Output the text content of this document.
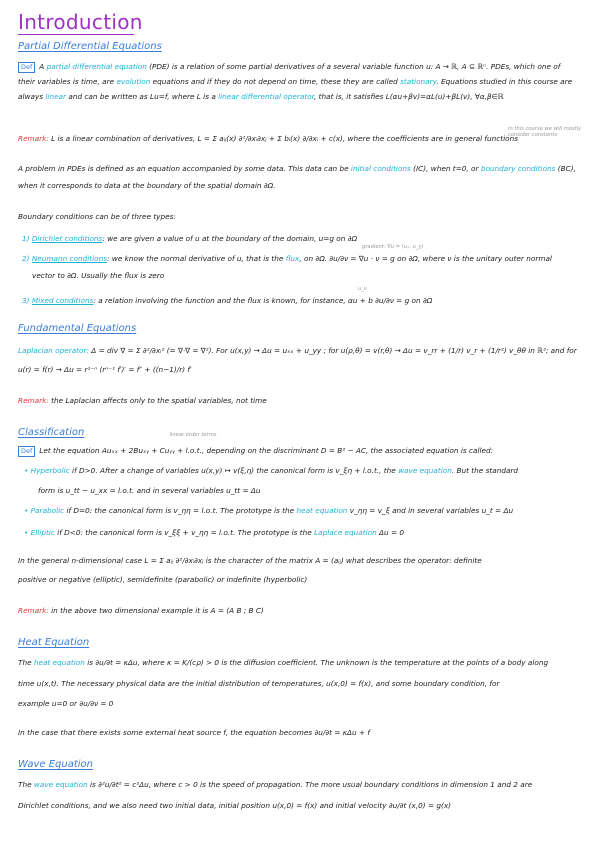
Introduction
Partial Differential Equations
Def A partial differential equation (PDE) is a relation of some partial derivatives of a several variable function u: A → ℝ, A ⊆ ℝⁿ. PDEs, which one of
their variables is time, are evolution equations and if they do not depend on time, these they are called stationary. Equations studied in this course are
always linear and can be written as Lu=f, where L is a linear differential operator, that is, it satisfies L(αu+βv)=αL(u)+βL(v), ∀α,β∈ℝ
Remark: L is a linear combination of derivatives, L = Σ aᵢⱼ(x) ∂²/∂xᵢ∂xⱼ + Σ bᵢ(x) ∂/∂xᵢ + c(x), where the coefficients are in general functions
in this course we will mostly consider constants
A problem in PDEs is defined as an equation accompanied by some data. This data can be initial conditions (IC), when t=0, or boundary conditions (BC),
when it corresponds to data at the boundary of the spatial domain ∂Ω.
Boundary conditions can be of three types:
1) Dirichlet conditions: we are given a value of u at the boundary of the domain, u=g on ∂Ω
gradient: ∇u = (uₓ, u_y)
2) Neumann conditions: we know the normal derivative of u, that is the flux, on ∂Ω. ∂u/∂ν = ∇u · ν = g on ∂Ω, where ν is the unitary outer normal
vector to ∂Ω. Usually the flux is zero
u_ν
3) Mixed conditions: a relation involving the function and the flux is known, for instance, αu + b ∂u/∂ν = g on ∂Ω
Fundamental Equations
Laplacian operator: Δ = div ∇ = Σ ∂²/∂xᵢ² (= ∇·∇ = ∇²). For u(x,y) → Δu = uₓₓ + u_yy ; for u(ρ,θ) = v(r,θ) → Δu = v_rr + (1/r) v_r + (1/r²) v_θθ in ℝ²; and for
u(r) = f(r) → Δu = r¹⁻ⁿ (rⁿ⁻¹ f′)′ = f″ + ((n−1)/r) f′
Remark: the Laplacian affects only to the spatial variables, not time
Classification	linear order terms
Def Let the equation Auₓₓ + 2Buₓᵧ + Cuᵧᵧ + l.o.t., depending on the discriminant D = B² − AC, the associated equation is called:
• Hyperbolic if D>0. After a change of variables u(x,y) ↦ v(ξ,η) the canonical form is v_ξη + l.o.t., the wave equation. But the standard
form is u_tt − u_xx = l.o.t. and in several variables u_tt = Δu
• Parabolic if D=0: the canonical form is v_ηη = l.o.t. The prototype is the heat equation v_ηη = v_ξ and in several variables u_t = Δu
• Elliptic if D<0: the canonical form is v_ξξ + v_ηη = l.o.t. The prototype is the Laplace equation Δu = 0
In the general n-dimensional case L = Σ aᵢⱼ ∂²/∂xᵢ∂xⱼ is the character of the matrix A = (aᵢⱼ) what describes the operator: definite
positive or negative (elliptic), semidefinite (parabolic) or indefinite (hyperbolic)
Remark: in the above two dimensional example it is A = (A B ; B C)
Heat Equation
The heat equation is ∂u/∂t = κΔu, where κ = K/(cρ) > 0 is the diffusion coefficient. The unknown is the temperature at the points of a body along
time u(x,t). The necessary physical data are the initial distribution of temperatures, u(x,0) = f(x), and some boundary condition, for
example u=0 or ∂u/∂ν = 0
In the case that there exists some external heat source f, the equation becomes ∂u/∂t = κΔu + f
Wave Equation
The wave equation is ∂²u/∂t² = c²Δu, where c > 0 is the speed of propagation. The more usual boundary conditions in dimension 1 and 2 are
Dirichlet conditions, and we also need two initial data, initial position u(x,0) = f(x) and initial velocity ∂u/∂t (x,0) = g(x)
